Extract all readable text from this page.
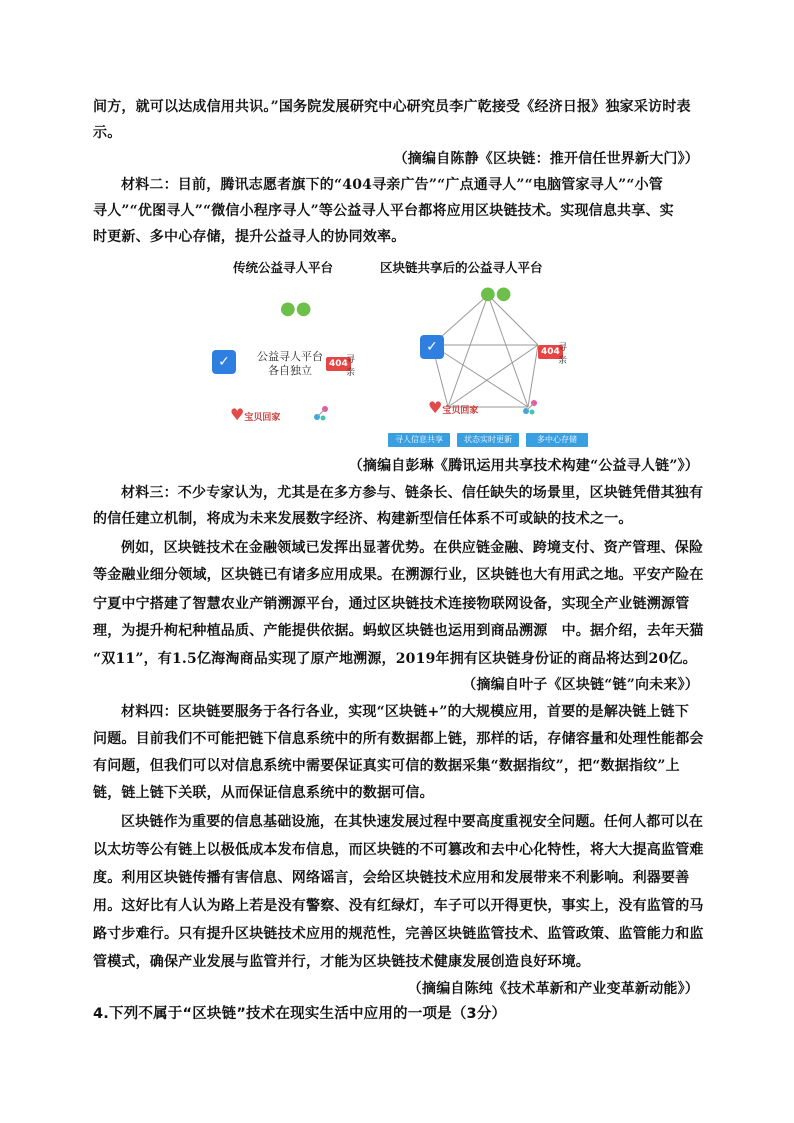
间方，就可以达成信用共识。”国务院发展研究中心研究员李广乾接受《经济日报》独家采访时表
示。
（摘编自陈静《区块链：推开信任世界新大门》）
材料二：目前，腾讯志愿者旗下的“404寻亲广告”“广点通寻人”“电脑管家寻人”“小管
寻人”“优图寻人”“微信小程序寻人”等公益寻人平台都将应用区块链技术。实现信息共享、实
时更新、多中心存储，提升公益寻人的协同效率。
传统公益寻人平台	区块链共享后的公益寻人平台
●●
✓	公益寻人平台
各自独立	404
寻亲
♥宝贝回家
●●
✓	404
寻亲
♥宝贝回家
寻人信息共享	状态实时更新	多中心存储
（摘编自彭琳《腾讯运用共享技术构建“公益寻人链”》）
材料三：不少专家认为，尤其是在多方参与、链条长、信任缺失的场景里，区块链凭借其独有
的信任建立机制，将成为未来发展数字经济、构建新型信任体系不可或缺的技术之一。
例如，区块链技术在金融领域已发挥出显著优势。在供应链金融、跨境支付、资产管理、保险
等金融业细分领域，区块链已有诸多应用成果。在溯源行业，区块链也大有用武之地。平安产险在
宁夏中宁搭建了智慧农业产销溯源平台，通过区块链技术连接物联网设备，实现全产业链溯源管
理，为提升枸杞种植品质、产能提供依据。蚂蚁区块链也运用到商品溯源　中。据介绍，去年天猫
“双11”，有1.5亿海淘商品实现了原产地溯源，2019年拥有区块链身份证的商品将达到20亿。
（摘编自叶子《区块链“链”向未来》）
材料四：区块链要服务于各行各业，实现“区块链+”的大规模应用，首要的是解决链上链下
问题。目前我们不可能把链下信息系统中的所有数据都上链，那样的话，存储容量和处理性能都会
有问题，但我们可以对信息系统中需要保证真实可信的数据采集“数据指纹”，把“数据指纹”上
链，链上链下关联，从而保证信息系统中的数据可信。
区块链作为重要的信息基础设施，在其快速发展过程中要高度重视安全问题。任何人都可以在
以太坊等公有链上以极低成本发布信息，而区块链的不可篡改和去中心化特性，将大大提高监管难
度。利用区块链传播有害信息、网络谣言，会给区块链技术应用和发展带来不利影响。利器要善
用。这好比有人认为路上若是没有警察、没有红绿灯，车子可以开得更快，事实上，没有监管的马
路寸步难行。只有提升区块链技术应用的规范性，完善区块链监管技术、监管政策、监管能力和监
管模式，确保产业发展与监管并行，才能为区块链技术健康发展创造良好环境。
（摘编自陈纯《技术革新和产业变革新动能》）
4.下列不属于“区块链”技术在现实生活中应用的一项是（3分）
